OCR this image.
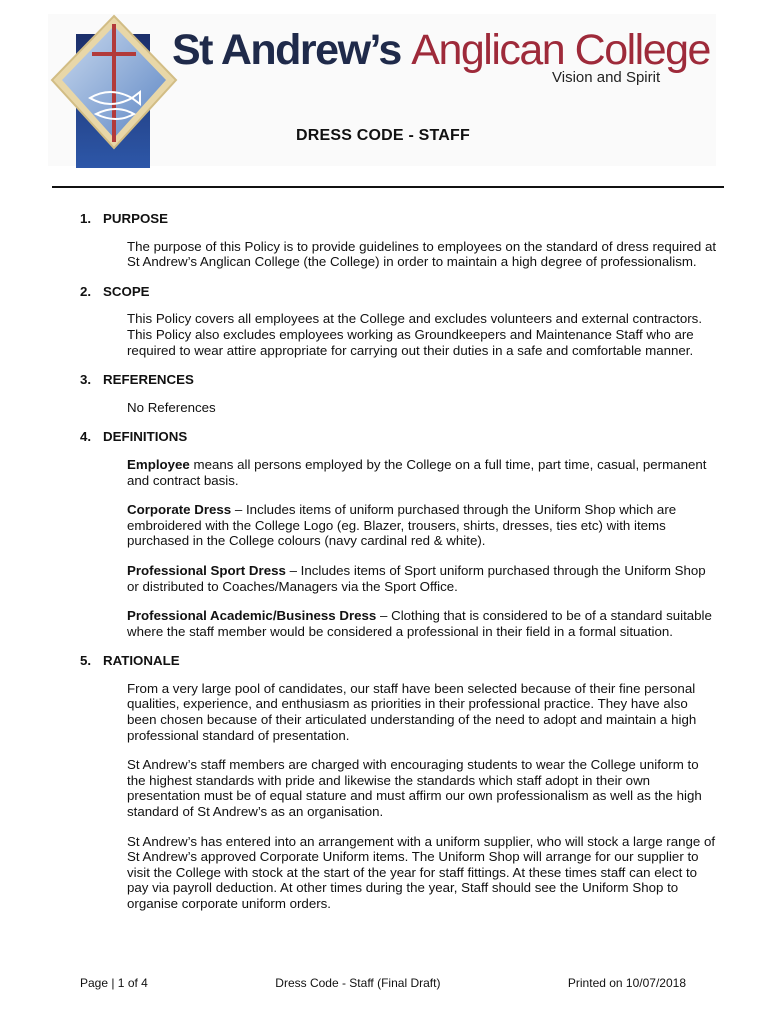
St Andrew’s Anglican College
Vision and Spirit
DRESS CODE - STAFF
1. PURPOSE

The purpose of this Policy is to provide guidelines to employees on the standard of dress required at St Andrew’s Anglican College (the College) in order to maintain a high degree of professionalism.

2. SCOPE

This Policy covers all employees at the College and excludes volunteers and external contractors. This Policy also excludes employees working as Groundkeepers and Maintenance Staff who are required to wear attire appropriate for carrying out their duties in a safe and comfortable manner.

3. REFERENCES

No References

4. DEFINITIONS

Employee means all persons employed by the College on a full time, part time, casual, permanent and contract basis.

Corporate Dress – Includes items of uniform purchased through the Uniform Shop which are embroidered with the College Logo (eg. Blazer, trousers, shirts, dresses, ties etc) with items purchased in the College colours (navy cardinal red & white).

Professional Sport Dress – Includes items of Sport uniform purchased through the Uniform Shop or distributed to Coaches/Managers via the Sport Office.

Professional Academic/Business Dress – Clothing that is considered to be of a standard suitable where the staff member would be considered a professional in their field in a formal situation.

5. RATIONALE

From a very large pool of candidates, our staff have been selected because of their fine personal qualities, experience, and enthusiasm as priorities in their professional practice. They have also been chosen because of their articulated understanding of the need to adopt and maintain a high professional standard of presentation.

St Andrew’s staff members are charged with encouraging students to wear the College uniform to the highest standards with pride and likewise the standards which staff adopt in their own presentation must be of equal stature and must affirm our own professionalism as well as the high standard of St Andrew’s as an organisation.

St Andrew’s has entered into an arrangement with a uniform supplier, who will stock a large range of St Andrew’s approved Corporate Uniform items. The Uniform Shop will arrange for our supplier to visit the College with stock at the start of the year for staff fittings. At these times staff can elect to pay via payroll deduction. At other times during the year, Staff should see the Uniform Shop to organise corporate uniform orders.

Page | 1 of 4	Dress Code - Staff (Final Draft)	Printed on 10/07/2018
